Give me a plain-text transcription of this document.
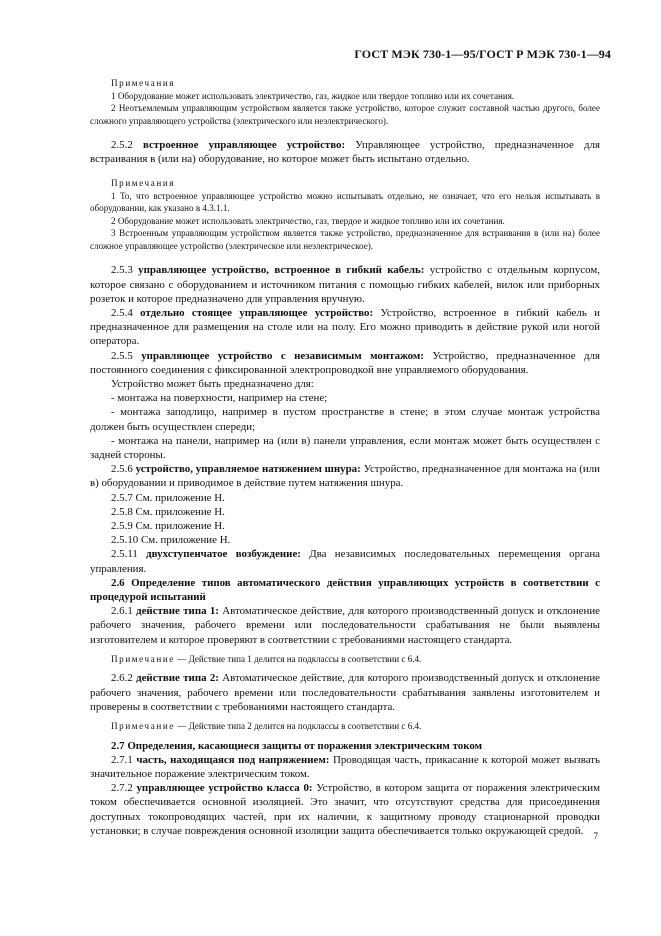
ГОСТ МЭК 730-1—95/ГОСТ Р МЭК 730-1—94

Примечания

1 Оборудование может использовать электричество, газ, жидкое или твердое топливо или их сочетания.

2 Неотъемлемым управляющим устройством является также устройство, которое служит составной частью другого, более сложного управляющего устройства (электрического или неэлектрического).

2.5.2 встроенное управляющее устройство: Управляющее устройство, предназначенное для встраивания в (или на) оборудование, но которое может быть испытано отдельно.

Примечания

1 То, что встроенное управляющее устройство можно испытывать отдельно, не означает, что его нельзя испытывать в оборудовании, как указано в 4.3.1.1.

2 Оборудование может использовать электричество, газ, твердое и жидкое топливо или их сочетания.

3 Встроенным управляющим устройством является также устройство, предназначенное для встраивания в (или на) более сложное управляющее устройство (электрическое или неэлектрическое).

2.5.3 управляющее устройство, встроенное в гибкий кабель: устройство с отдельным корпусом, которое связано с оборудованием и источником питания с помощью гибких кабелей, вилок или приборных розеток и которое предназначено для управления вручную.

2.5.4 отдельно стоящее управляющее устройство: Устройство, встроенное в гибкий кабель и предназначенное для размещения на столе или на полу. Его можно приводить в действие рукой или ногой оператора.

2.5.5 управляющее устройство с независимым монтажом: Устройство, предназначенное для постоянного соединения с фиксированной электропроводкой вне управляемого оборудования.

Устройство может быть предназначено для:

- монтажа на поверхности, например на стене;

- монтажа заподлицо, например в пустом пространстве в стене; в этом случае монтаж устройства должен быть осуществлен спереди;

- монтажа на панели, например на (или в) панели управления, если монтаж может быть осуществлен с задней стороны.

2.5.6 устройство, управляемое натяжением шнура: Устройство, предназначенное для монтажа на (или в) оборудовании и приводимое в действие путем натяжения шнура.

2.5.7 См. приложение Н.

2.5.8 См. приложение Н.

2.5.9 См. приложение Н.

2.5.10 См. приложение Н.

2.5.11 двухступенчатое возбуждение: Два независимых последовательных перемещения органа управления.

2.6 Определение типов автоматического действия управляющих устройств в соответствии с процедурой испытаний

2.6.1 действие типа 1: Автоматическое действие, для которого производственный допуск и отклонение рабочего значения, рабочего времени или последовательности срабатывания не были выявлены изготовителем и которое проверяют в соответствии с требованиями настоящего стандарта.

Примечание — Действие типа 1 делится на подклассы в соответствии с 6.4.

2.6.2 действие типа 2: Автоматическое действие, для которого производственный допуск и отклонение рабочего значения, рабочего времени или последовательности срабатывания заявлены изготовителем и проверены в соответствии с требованиями настоящего стандарта.

Примечание — Действие типа 2 делится на подклассы в соответствии с 6.4.

2.7 Определения, касающиеся защиты от поражения электрическим током

2.7.1 часть, находящаяся под напряжением: Проводящая часть, прикасание к которой может вызвать значительное поражение электрическим током.

2.7.2 управляющее устройство класса 0: Устройство, в котором защита от поражения электрическим током обеспечивается основной изоляцией. Это значит, что отсутствуют средства для присоединения доступных токопроводящих частей, при их наличии, к защитному проводу стационарной проводки установки; в случае повреждения основной изоляции защита обеспечивается только окружающей средой.	7
